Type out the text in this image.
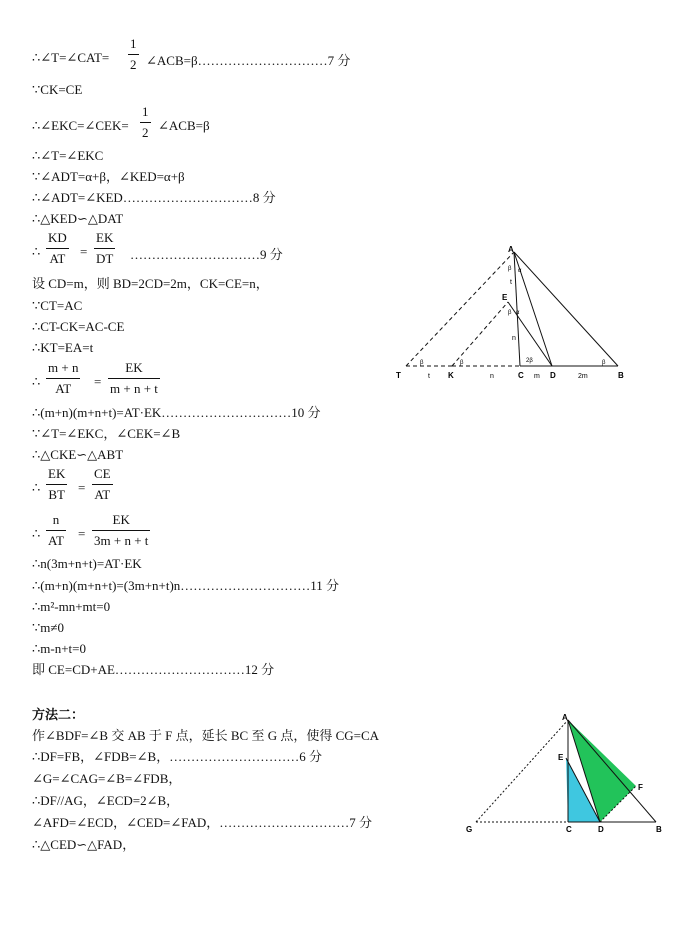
∴∠T=∠CAT=
1
2 ∠ACB=β…………………………7 分
∵CK=CE
∴∠EKC=∠CEK=
1
2 ∠ACB=β
∴∠T=∠EKC
∵∠ADT=α+β，∠KED=α+β
∴∠ADT=∠KED…………………………8 分
∴△KED∽△DAT
∴
KD
AT =
EK
DT …………………………9 分
设 CD=m，则 BD=2CD=2m，CK=CE=n，
∵CT=AC
∴CT-CK=AC-CE
∴KT=EA=t
∴
m + n
AT =
EK
m + n + t
∴(m+n)(m+n+t)=AT·EK…………………………10 分
∵∠T=∠EKC，∠CEK=∠B
∴△CKE∽△ABT
∴
EK
BT =
CE
AT
∴
n
AT =
EK
3m + n + t
∴n(3m+n+t)=AT·EK
∴(m+n)(m+n+t)=(3m+n+t)n…………………………11 分
∴m²-mn+mt=0
∵m≠0
∴m-n+t=0
即 CE=CD+AE…………………………12 分
方法二：
作∠BDF=∠B 交 AB 于 F 点，延长 BC 至 G 点，使得 CG=CA
∴DF=FB，∠FDB=∠B，…………………………6 分
∠G=∠CAG=∠B=∠FDB，
∴DF//AG，∠ECD=2∠B，
∠AFD=∠ECD，∠CED=∠FAD，…………………………7 分
∴△CED∽△FAD，
A
T	K	C	D	B
E
t	n	m	2m
n
t
β α
β α
2β
β	β	β
A
E
F
G	C	D	B
